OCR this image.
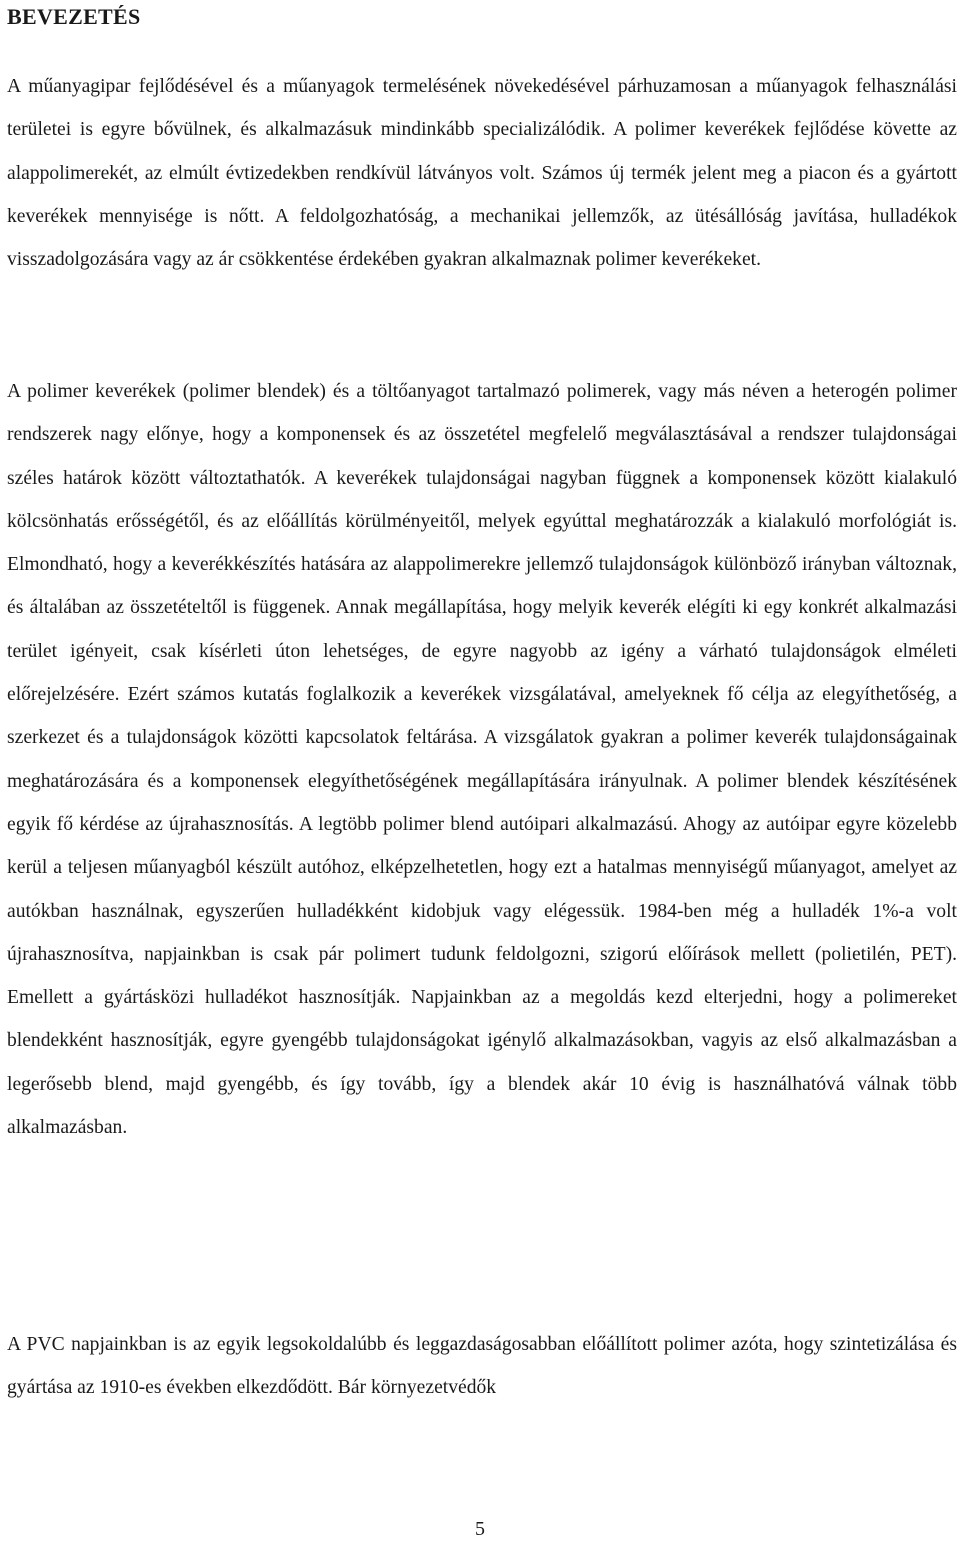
BEVEZETÉS

A műanyagipar fejlődésével és a műanyagok termelésének növekedésével párhuzamosan a műanyagok felhasználási területei is egyre bővülnek, és alkalmazásuk mindinkább specializálódik. A polimer keverékek fejlődése követte az alappolimerekét, az elmúlt évtizedekben rendkívül látványos volt. Számos új termék jelent meg a piacon és a gyártott keverékek mennyisége is nőtt. A feldolgozhatóság, a mechanikai jellemzők, az ütésállóság javítása, hulladékok visszadolgozására vagy az ár csökkentése érdekében gyakran alkalmaznak polimer keverékeket.

A polimer keverékek (polimer blendek) és a töltőanyagot tartalmazó polimerek, vagy más néven a heterogén polimer rendszerek nagy előnye, hogy a komponensek és az összetétel megfelelő megválasztásával a rendszer tulajdonságai széles határok között változtathatók. A keverékek tulajdonságai nagyban függnek a komponensek között kialakuló kölcsönhatás erősségétől, és az előállítás körülményeitől, melyek egyúttal meghatározzák a kialakuló morfológiát is. Elmondható, hogy a keverékkészítés hatására az alappolimerekre jellemző tulajdonságok különböző irányban változnak, és általában az összetételtől is függenek. Annak megállapítása, hogy melyik keverék elégíti ki egy konkrét alkalmazási terület igényeit, csak kísérleti úton lehetséges, de egyre nagyobb az igény a várható tulajdonságok elméleti előrejelzésére. Ezért számos kutatás foglalkozik a keverékek vizsgálatával, amelyeknek fő célja az elegyíthetőség, a szerkezet és a tulajdonságok közötti kapcsolatok feltárása. A vizsgálatok gyakran a polimer keverék tulajdonságainak meghatározására és a komponensek elegyíthetőségének megállapítására irányulnak. A polimer blendek készítésének egyik fő kérdése az újrahasznosítás. A legtöbb polimer blend autóipari alkalmazású. Ahogy az autóipar egyre közelebb kerül a teljesen műanyagból készült autóhoz, elképzelhetetlen, hogy ezt a hatalmas mennyiségű műanyagot, amelyet az autókban használnak, egyszerűen hulladékként kidobjuk vagy elégessük. 1984-ben még a hulladék 1%-a volt újrahasznosítva, napjainkban is csak pár polimert tudunk feldolgozni, szigorú előírások mellett (polietilén, PET). Emellett a gyártásközi hulladékot hasznosítják. Napjainkban az a megoldás kezd elterjedni, hogy a polimereket blendekként hasznosítják, egyre gyengébb tulajdonságokat igénylő alkalmazásokban, vagyis az első alkalmazásban a legerősebb blend, majd gyengébb, és így tovább, így a blendek akár 10 évig is használhatóvá válnak több alkalmazásban.

A PVC napjainkban is az egyik legsokoldalúbb és leggazdaságosabban előállított polimer azóta, hogy szintetizálása és gyártása az 1910-es években elkezdődött. Bár környezetvédők

5
